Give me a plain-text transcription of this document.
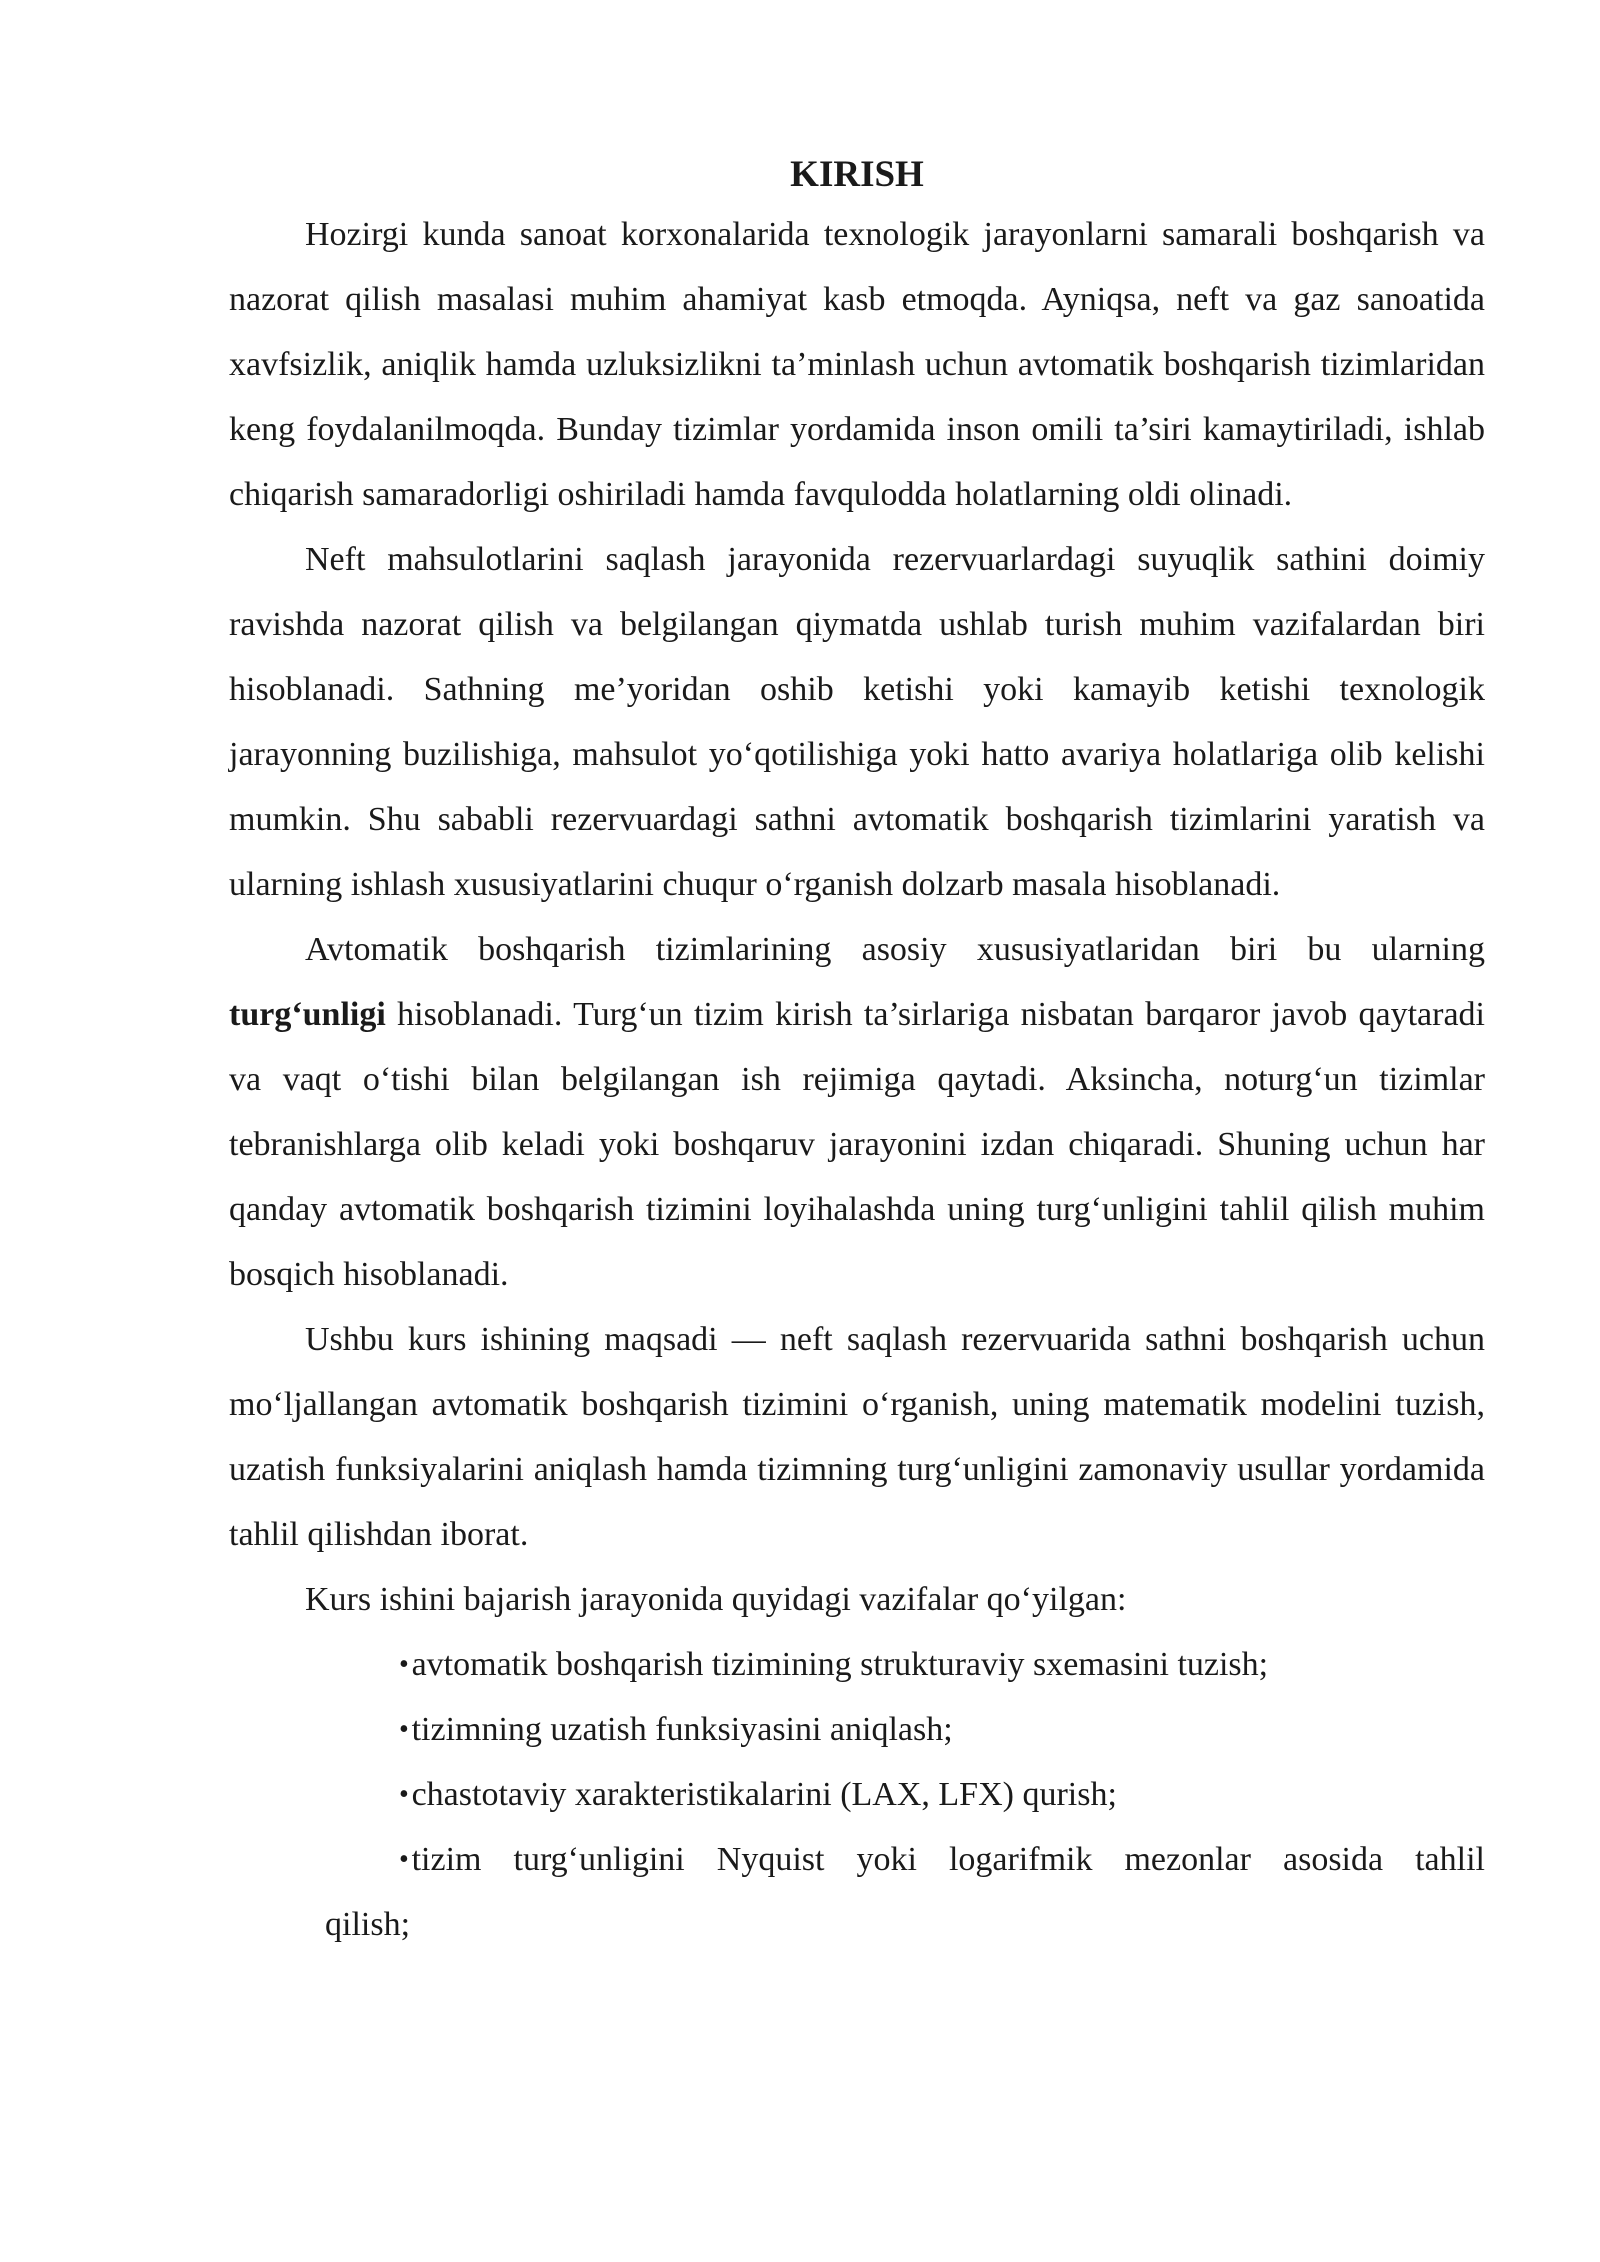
KIRISH

Hozirgi kunda sanoat korxonalarida texnologik jarayonlarni samarali boshqarish va nazorat qilish masalasi muhim ahamiyat kasb etmoqda. Ayniqsa, neft va gaz sanoatida xavfsizlik, aniqlik hamda uzluksizlikni ta’minlash uchun avtomatik boshqarish tizimlaridan keng foydalanilmoqda. Bunday tizimlar yordamida inson omili ta’siri kamaytiriladi, ishlab chiqarish samaradorligi oshiriladi hamda favqulodda holatlarning oldi olinadi.

Neft mahsulotlarini saqlash jarayonida rezervuarlardagi suyuqlik sathini doimiy ravishda nazorat qilish va belgilangan qiymatda ushlab turish muhim vazifalardan biri hisoblanadi. Sathning me’yoridan oshib ketishi yoki kamayib ketishi texnologik jarayonning buzilishiga, mahsulot yo‘qotilishiga yoki hatto avariya holatlariga olib kelishi mumkin. Shu sababli rezervuardagi sathni avtomatik boshqarish tizimlarini yaratish va ularning ishlash xususiyatlarini chuqur o‘rganish dolzarb masala hisoblanadi.

Avtomatik boshqarish tizimlarining asosiy xususiyatlaridan biri bu ularning turg‘unligi hisoblanadi. Turg‘un tizim kirish ta’sirlariga nisbatan barqaror javob qaytaradi va vaqt o‘tishi bilan belgilangan ish rejimiga qaytadi. Aksincha, noturg‘un tizimlar tebranishlarga olib keladi yoki boshqaruv jarayonini izdan chiqaradi. Shuning uchun har qanday avtomatik boshqarish tizimini loyihalashda uning turg‘unligini tahlil qilish muhim bosqich hisoblanadi.

Ushbu kurs ishining maqsadi — neft saqlash rezervuarida sathni boshqarish uchun mo‘ljallangan avtomatik boshqarish tizimini o‘rganish, uning matematik modelini tuzish, uzatish funksiyalarini aniqlash hamda tizimning turg‘unligini zamonaviy usullar yordamida tahlil qilishdan iborat.

Kurs ishini bajarish jarayonida quyidagi vazifalar qo‘yilgan:

•avtomatik boshqarish tizimining strukturaviy sxemasini tuzish;
•tizimning uzatish funksiyasini aniqlash;
•chastotaviy xarakteristikalarini (LAX, LFX) qurish;
•tizim turg‘unligini Nyquist yoki logarifmik mezonlar asosida tahlil
qilish;
